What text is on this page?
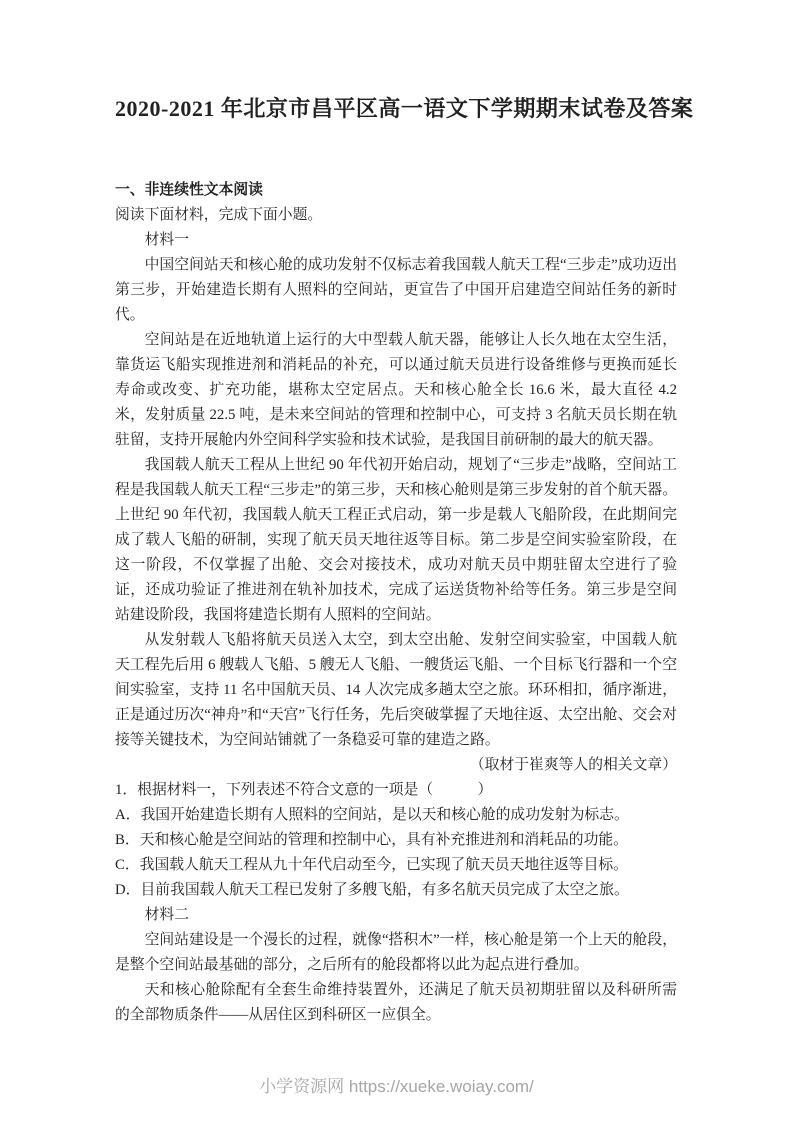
2020-2021 年北京市昌平区高一语文下学期期末试卷及答案

一、非连续性文本阅读

阅读下面材料，完成下面小题。

材料一

中国空间站天和核心舱的成功发射不仅标志着我国载人航天工程“三步走”成功迈出第三步，开始建造长期有人照料的空间站，更宣告了中国开启建造空间站任务的新时代。

空间站是在近地轨道上运行的大中型载人航天器，能够让人长久地在太空生活，靠货运飞船实现推进剂和消耗品的补充，可以通过航天员进行设备维修与更换而延长寿命或改变、扩充功能，堪称太空定居点。天和核心舱全长 16.6 米，最大直径 4.2 米，发射质量 22.5 吨，是未来空间站的管理和控制中心，可支持 3 名航天员长期在轨驻留，支持开展舱内外空间科学实验和技术试验，是我国目前研制的最大的航天器。

我国载人航天工程从上世纪 90 年代初开始启动，规划了“三步走”战略，空间站工程是我国载人航天工程“三步走”的第三步，天和核心舱则是第三步发射的首个航天器。上世纪 90 年代初，我国载人航天工程正式启动，第一步是载人飞船阶段，在此期间完成了载人飞船的研制，实现了航天员天地往返等目标。第二步是空间实验室阶段，在这一阶段，不仅掌握了出舱、交会对接技术，成功对航天员中期驻留太空进行了验证，还成功验证了推进剂在轨补加技术，完成了运送货物补给等任务。第三步是空间站建设阶段，我国将建造长期有人照料的空间站。

从发射载人飞船将航天员送入太空，到太空出舱、发射空间实验室，中国载人航天工程先后用 6 艘载人飞船、5 艘无人飞船、一艘货运飞船、一个目标飞行器和一个空间实验室，支持 11 名中国航天员、14 人次完成多趟太空之旅。环环相扣，循序渐进，正是通过历次“神舟”和“天宫”飞行任务，先后突破掌握了天地往返、太空出舱、交会对接等关键技术，为空间站铺就了一条稳妥可靠的建造之路。

（取材于崔爽等人的相关文章）

1．根据材料一，下列表述不符合文意的一项是（　　　）

A．我国开始建造长期有人照料的空间站，是以天和核心舱的成功发射为标志。

B．天和核心舱是空间站的管理和控制中心，具有补充推进剂和消耗品的功能。

C．我国载人航天工程从九十年代启动至今，已实现了航天员天地往返等目标。

D．目前我国载人航天工程已发射了多艘飞船，有多名航天员完成了太空之旅。

材料二

空间站建设是一个漫长的过程，就像“搭积木”一样，核心舱是第一个上天的舱段，是整个空间站最基础的部分，之后所有的舱段都将以此为起点进行叠加。

天和核心舱除配有全套生命维持装置外，还满足了航天员初期驻留以及科研所需的全部物质条件——从居住区到科研区一应俱全。

小学资源网 https://xueke.woiay.com/
